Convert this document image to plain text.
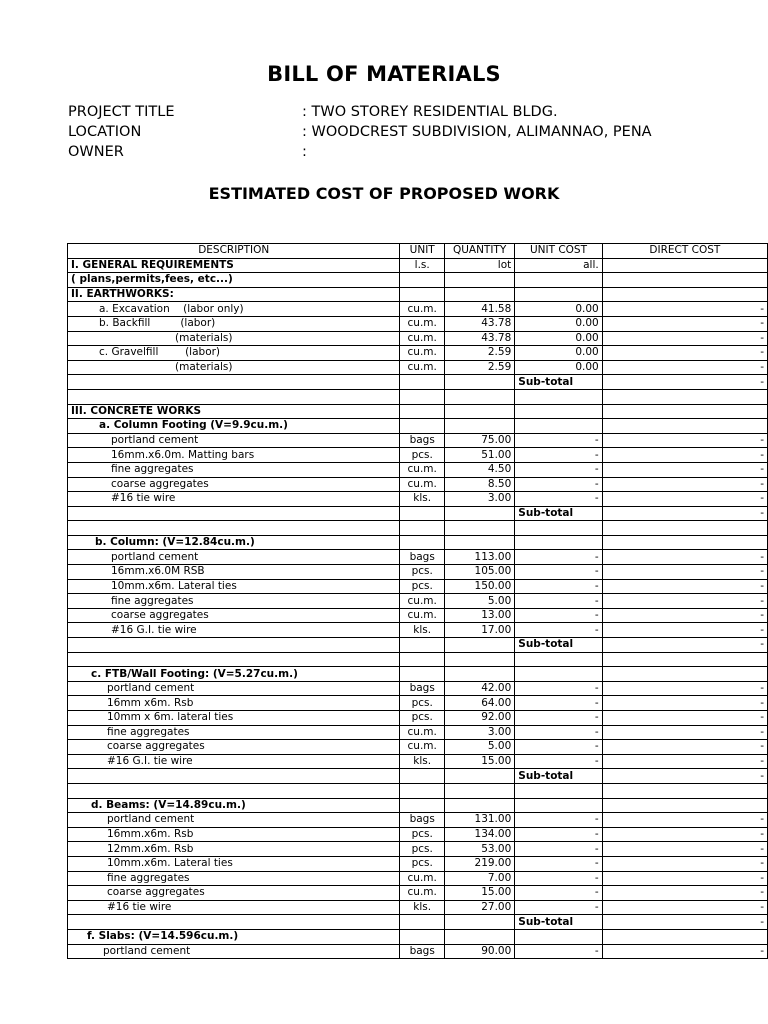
BILL OF MATERIALS
PROJECT TITLE	: TWO STOREY RESIDENTIAL BLDG.
LOCATION	: WOODCREST SUBDIVISION, ALIMANNAO, PENA
OWNER	:
ESTIMATED COST OF PROPOSED WORK
DESCRIPTION	UNIT	QUANTITY	UNIT COST	DIRECT COST
I. GENERAL REQUIREMENTS	l.s.	lot	all.	
( plans,permits,fees, etc...)				
II. EARTHWORKS:				
a. Excavation    (labor only)	cu.m.	41.58	0.00	-
b. Backfill         (labor)	cu.m.	43.78	0.00	-
(materials)	cu.m.	43.78	0.00	-
c. Gravelfill        (labor)	cu.m.	2.59	0.00	-
(materials)	cu.m.	2.59	0.00	-
			Sub-total	-

III. CONCRETE WORKS				
a. Column Footing (V=9.9cu.m.)				
portland cement	bags	75.00	-	-
16mm.x6.0m. Matting bars	pcs.	51.00	-	-
fine aggregates	cu.m.	4.50	-	-
coarse aggregates	cu.m.	8.50	-	-
#16 tie wire	kls.	3.00	-	-
			Sub-total	-

b. Column: (V=12.84cu.m.)				
portland cement	bags	113.00	-	-
16mm.x6.0M RSB	pcs.	105.00	-	-
10mm.x6m. Lateral ties	pcs.	150.00	-	-
fine aggregates	cu.m.	5.00	-	-
coarse aggregates	cu.m.	13.00	-	-
#16 G.I. tie wire	kls.	17.00	-	-
			Sub-total	-

c. FTB/Wall Footing: (V=5.27cu.m.)				
portland cement	bags	42.00	-	-
16mm x6m. Rsb	pcs.	64.00	-	-
10mm x 6m. lateral ties	pcs.	92.00	-	-
fine aggregates	cu.m.	3.00	-	-
coarse aggregates	cu.m.	5.00	-	-
#16 G.I. tie wire	kls.	15.00	-	-
			Sub-total	-

d. Beams: (V=14.89cu.m.)				
portland cement	bags	131.00	-	-
16mm.x6m. Rsb	pcs.	134.00	-	-
12mm.x6m. Rsb	pcs.	53.00	-	-
10mm.x6m. Lateral ties	pcs.	219.00	-	-
fine aggregates	cu.m.	7.00	-	-
coarse aggregates	cu.m.	15.00	-	-
#16 tie wire	kls.	27.00	-	-
			Sub-total	-
f. Slabs: (V=14.596cu.m.)				
portland cement	bags	90.00	-	-
